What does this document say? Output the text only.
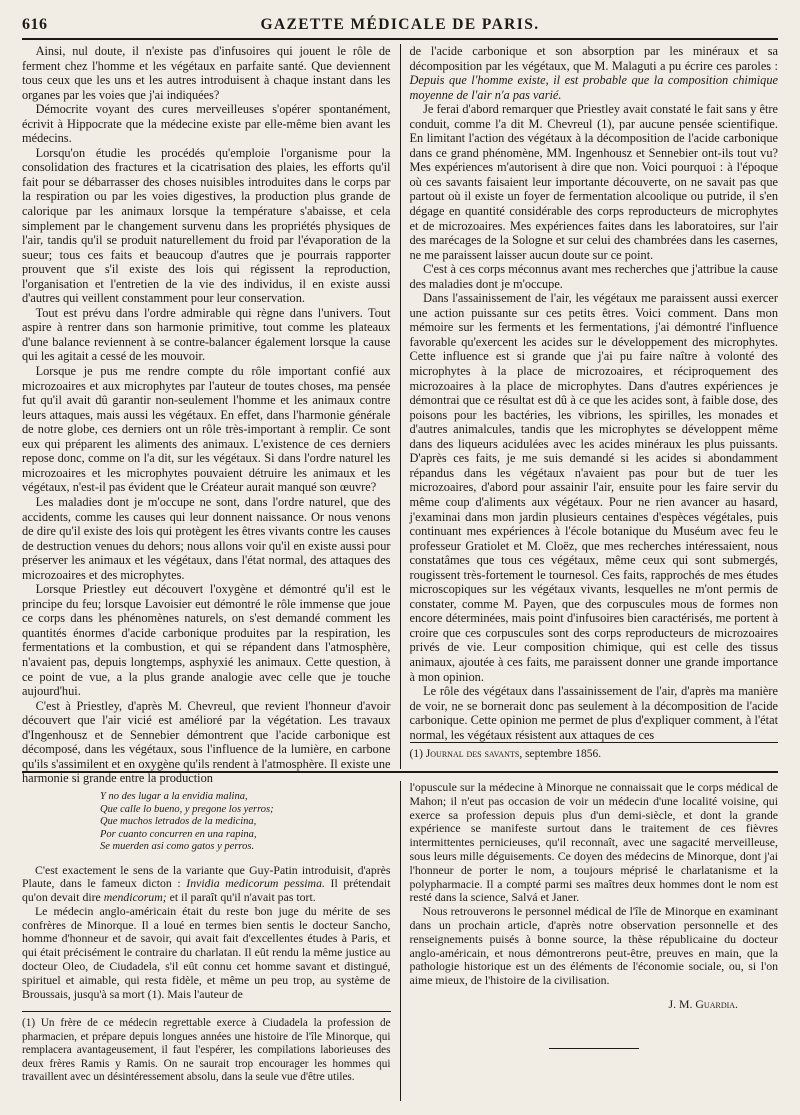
616	GAZETTE MÉDICALE DE PARIS.

Ainsi, nul doute, il n'existe pas d'infusoires qui jouent le rôle de ferment chez l'homme et les végétaux en parfaite santé. Que deviennent tous ceux que les uns et les autres introduisent à chaque instant dans les organes par les voies que j'ai indiquées?

Démocrite voyant des cures merveilleuses s'opérer spontanément, écrivit à Hippocrate que la médecine existe par elle-même bien avant les médecins.

Lorsqu'on étudie les procédés qu'emploie l'organisme pour la consolidation des fractures et la cicatrisation des plaies, les efforts qu'il fait pour se débarrasser des choses nuisibles introduites dans le corps par la respiration ou par les voies digestives, la production plus grande de calorique par les animaux lorsque la température s'abaisse, et cela simplement par le changement survenu dans les propriétés physiques de l'air, tandis qu'il se produit naturellement du froid par l'évaporation de la sueur; tous ces faits et beaucoup d'autres que je pourrais rapporter prouvent que s'il existe des lois qui régissent la reproduction, l'organisation et l'entretien de la vie des individus, il en existe aussi d'autres qui veillent constamment pour leur conservation.

Tout est prévu dans l'ordre admirable qui règne dans l'univers. Tout aspire à rentrer dans son harmonie primitive, tout comme les plateaux d'une balance reviennent à se contre-balancer également lorsque la cause qui les agitait a cessé de les mouvoir.

Lorsque je pus me rendre compte du rôle important confié aux microzoaires et aux microphytes par l'auteur de toutes choses, ma pensée fut qu'il avait dû garantir non-seulement l'homme et les animaux contre leurs attaques, mais aussi les végétaux. En effet, dans l'harmonie générale de notre globe, ces derniers ont un rôle très-important à remplir. Ce sont eux qui préparent les aliments des animaux. L'existence de ces derniers repose donc, comme on l'a dit, sur les végétaux. Si dans l'ordre naturel les microzoaires et les microphytes pouvaient détruire les animaux et les végétaux, n'est-il pas évident que le Créateur aurait manqué son œuvre?

Les maladies dont je m'occupe ne sont, dans l'ordre naturel, que des accidents, comme les causes qui leur donnent naissance. Or nous venons de dire qu'il existe des lois qui protègent les êtres vivants contre les causes de destruction venues du dehors; nous allons voir qu'il en existe aussi pour préserver les animaux et les végétaux, dans l'état normal, des attaques des microzoaires et des microphytes.

Lorsque Priestley eut découvert l'oxygène et démontré qu'il est le principe du feu; lorsque Lavoisier eut démontré le rôle immense que joue ce corps dans les phénomènes naturels, on s'est demandé comment les quantités énormes d'acide carbonique produites par la respiration, les fermentations et la combustion, et qui se répandent dans l'atmosphère, n'avaient pas, depuis longtemps, asphyxié les animaux. Cette question, à ce point de vue, a la plus grande analogie avec celle que je touche aujourd'hui.

C'est à Priestley, d'après M. Chevreul, que revient l'honneur d'avoir découvert que l'air vicié est amélioré par la végétation. Les travaux d'Ingenhousz et de Sennebier démontrent que l'acide carbonique est décomposé, dans les végétaux, sous l'influence de la lumière, en carbone qu'ils s'assimilent et en oxygène qu'ils rendent à l'atmosphère. Il existe une harmonie si grande entre la production

de l'acide carbonique et son absorption par les minéraux et sa décomposition par les végétaux, que M. Malaguti a pu écrire ces paroles : Depuis que l'homme existe, il est probable que la composition chimique moyenne de l'air n'a pas varié.

Je ferai d'abord remarquer que Priestley avait constaté le fait sans y être conduit, comme l'a dit M. Chevreul (1), par aucune pensée scientifique. En limitant l'action des végétaux à la décomposition de l'acide carbonique dans ce grand phénomène, MM. Ingenhousz et Sennebier ont-ils tout vu? Mes expériences m'autorisent à dire que non. Voici pourquoi : à l'époque où ces savants faisaient leur importante découverte, on ne savait pas que partout où il existe un foyer de fermentation alcoolique ou putride, il s'en dégage en quantité considérable des corps reproducteurs de microphytes et de microzoaires. Mes expériences faites dans les laboratoires, sur l'air des marécages de la Sologne et sur celui des chambrées dans les casernes, ne me paraissent laisser aucun doute sur ce point.

C'est à ces corps méconnus avant mes recherches que j'attribue la cause des maladies dont je m'occupe.

Dans l'assainissement de l'air, les végétaux me paraissent aussi exercer une action puissante sur ces petits êtres. Voici comment. Dans mon mémoire sur les ferments et les fermentations, j'ai démontré l'influence favorable qu'exercent les acides sur le développement des microphytes. Cette influence est si grande que j'ai pu faire naître à volonté des microphytes à la place de microzoaires, et réciproquement des microzoaires à la place de microphytes. Dans d'autres expériences je démontrai que ce résultat est dû à ce que les acides sont, à faible dose, des poisons pour les bactéries, les vibrions, les spirilles, les monades et d'autres animalcules, tandis que les microphytes se développent même dans des liqueurs acidulées avec les acides minéraux les plus puissants. D'après ces faits, je me suis demandé si les acides si abondamment répandus dans les végétaux n'avaient pas pour but de tuer les microzoaires, d'abord pour assainir l'air, ensuite pour les faire servir du même coup d'aliments aux végétaux. Pour ne rien avancer au hasard, j'examinai dans mon jardin plusieurs centaines d'espèces végétales, puis continuant mes expériences à l'école botanique du Muséum avec feu le professeur Gratiolet et M. Cloëz, que mes recherches intéressaient, nous constatâmes que tous ces végétaux, même ceux qui sont submergés, rougissent très-fortement le tournesol. Ces faits, rapprochés de mes études microscopiques sur les végétaux vivants, lesquelles ne m'ont permis de constater, comme M. Payen, que des corpuscules mous de formes non encore déterminées, mais point d'infusoires bien caractérisés, me portent à croire que ces corpuscules sont des corps reproducteurs de microzoaires privés de vie. Leur composition chimique, qui est celle des tissus animaux, ajoutée à ces faits, me paraissent donner une grande importance à mon opinion.

Le rôle des végétaux dans l'assainissement de l'air, d'après ma manière de voir, ne se bornerait donc pas seulement à la décomposition de l'acide carbonique. Cette opinion me permet de plus d'expliquer comment, à l'état normal, les végétaux résistent aux attaques de ces

(1) Journal des savants, septembre 1856.

Y no des lugar a la envidia malina,
Que calle lo bueno, y pregone los yerros;
Que muchos letrados de la medicina,
Por cuanto concurren en una rapina,
Se muerden asi como gatos y perros.

C'est exactement le sens de la variante que Guy-Patin introduisit, d'après Plaute, dans le fameux dicton : Invidia medicorum pessima. Il prétendait qu'on devait dire mendicorum; et il paraît qu'il n'avait pas tort.

Le médecin anglo-américain était du reste bon juge du mérite de ses confrères de Minorque. Il a loué en termes bien sentis le docteur Sancho, homme d'honneur et de savoir, qui avait fait d'excellentes études à Paris, et qui était précisément le contraire du charlatan. Il eût rendu la même justice au docteur Oleo, de Ciudadela, s'il eût connu cet homme savant et distingué, spirituel et aimable, qui resta fidèle, et même un peu trop, au système de Broussais, jusqu'à sa mort (1). Mais l'auteur de

(1) Un frère de ce médecin regrettable exerce à Ciudadela la profession de pharmacien, et prépare depuis longues années une histoire de l'île Minorque, qui remplacera avantageusement, il faut l'espérer, les compilations laborieuses des deux frères Ramis y Ramis. On ne saurait trop encourager les hommes qui travaillent avec un désintéressement absolu, dans la seule vue d'être utiles.

l'opuscule sur la médecine à Minorque ne connaissait que le corps médical de Mahon; il n'eut pas occasion de voir un médecin d'une localité voisine, qui exerce sa profession depuis plus d'un demi-siècle, et dont la grande expérience se manifeste surtout dans le traitement de ces fièvres intermittentes pernicieuses, qu'il reconnaît, avec une sagacité merveilleuse, sous leurs mille déguisements. Ce doyen des médecins de Minorque, dont j'ai l'honneur de porter le nom, a toujours méprisé le charlatanisme et la polypharmacie. Il a compté parmi ses maîtres deux hommes dont le nom est resté dans la science, Salvá et Janer.

Nous retrouverons le personnel médical de l'île de Minorque en examinant dans un prochain article, d'après notre observation personnelle et des renseignements puisés à bonne source, la thèse républicaine du docteur anglo-américain, et nous démontrerons peut-être, preuves en main, que la pathologie historique est un des éléments de l'économie sociale, ou, si l'on aime mieux, de l'histoire de la civilisation.

J. M. Guardia.
